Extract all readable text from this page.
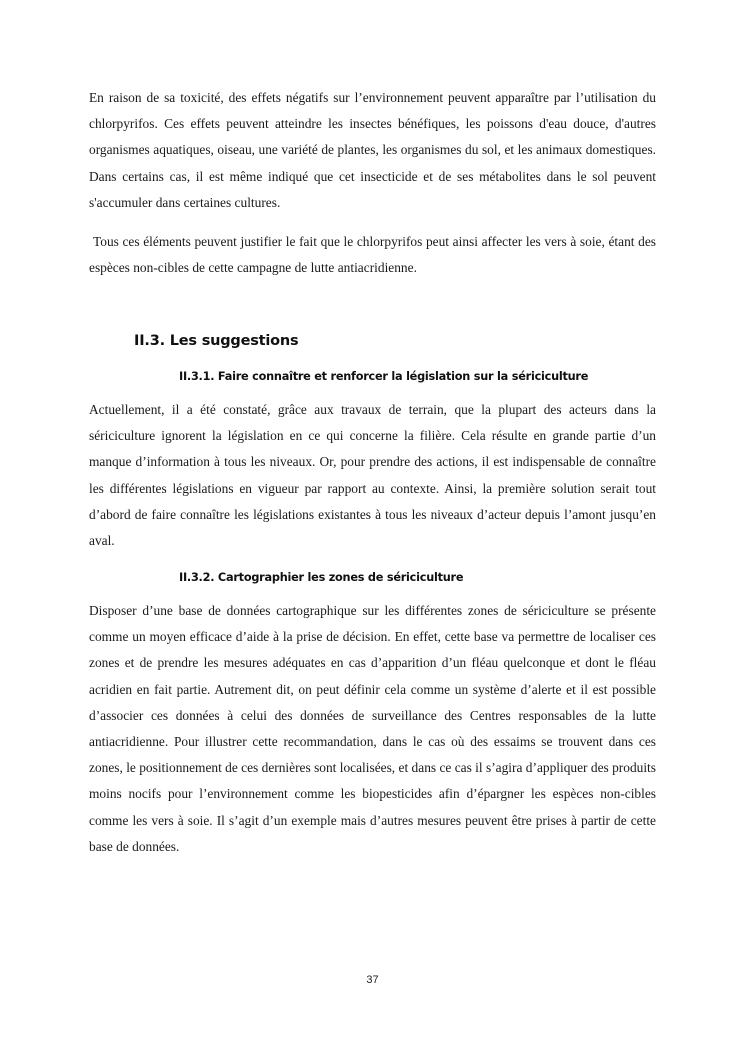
En raison de sa toxicité, des effets négatifs sur l’environnement peuvent apparaître par l’utilisation du chlorpyrifos. Ces effets peuvent atteindre les insectes bénéfiques, les poissons d'eau douce, d'autres organismes aquatiques, oiseau, une variété de plantes, les organismes du sol, et les animaux domestiques. Dans certains cas, il est même indiqué que cet insecticide et de ses métabolites dans le sol peuvent s'accumuler dans certaines cultures.

Tous ces éléments peuvent justifier le fait que le chlorpyrifos peut ainsi affecter les vers à soie, étant des espèces non-cibles de cette campagne de lutte antiacridienne.

II.3. Les suggestions
II.3.1. Faire connaître et renforcer la législation sur la sériciculture

Actuellement, il a été constaté, grâce aux travaux de terrain, que la plupart des acteurs dans la sériciculture ignorent la législation en ce qui concerne la filière. Cela résulte en grande partie d’un manque d’information à tous les niveaux. Or, pour prendre des actions, il est indispensable de connaître les différentes législations en vigueur par rapport au contexte. Ainsi, la première solution serait tout d’abord de faire connaître les législations existantes à tous les niveaux d’acteur depuis l’amont jusqu’en aval.

II.3.2. Cartographier les zones de sériciculture

Disposer d’une base de données cartographique sur les différentes zones de sériciculture se présente comme un moyen efficace d’aide à la prise de décision. En effet, cette base va permettre de localiser ces zones et de prendre les mesures adéquates en cas d’apparition d’un fléau quelconque et dont le fléau acridien en fait partie. Autrement dit, on peut définir cela comme un système d’alerte et il est possible d’associer ces données à celui des données de surveillance des Centres responsables de la lutte antiacridienne. Pour illustrer cette recommandation, dans le cas où des essaims se trouvent dans ces zones, le positionnement de ces dernières sont localisées, et dans ce cas il s’agira d’appliquer des produits moins nocifs pour l’environnement comme les biopesticides afin d’épargner les espèces non-cibles comme les vers à soie. Il s’agit d’un exemple mais d’autres mesures peuvent être prises à partir de cette base de données.

37
